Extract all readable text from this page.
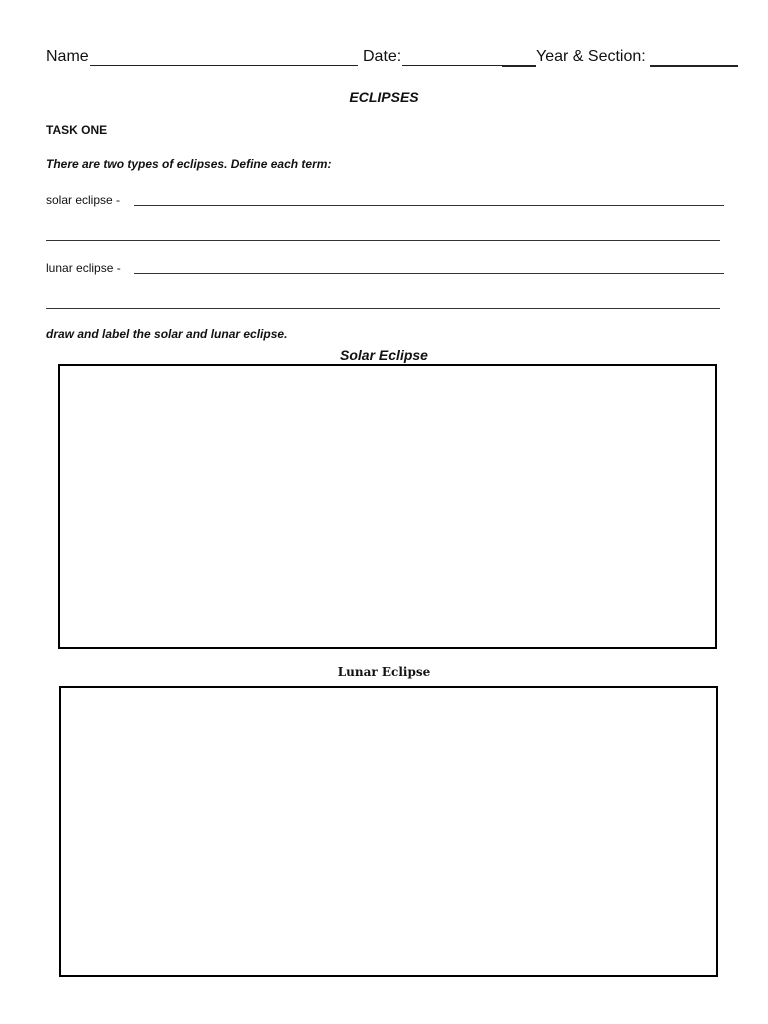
Name	Date:	Year & Section:
ECLIPSES
TASK ONE
There are two types of eclipses. Define each term:
solar eclipse -
lunar eclipse -
draw and label the solar and lunar eclipse.
Solar Eclipse
Lunar Eclipse
